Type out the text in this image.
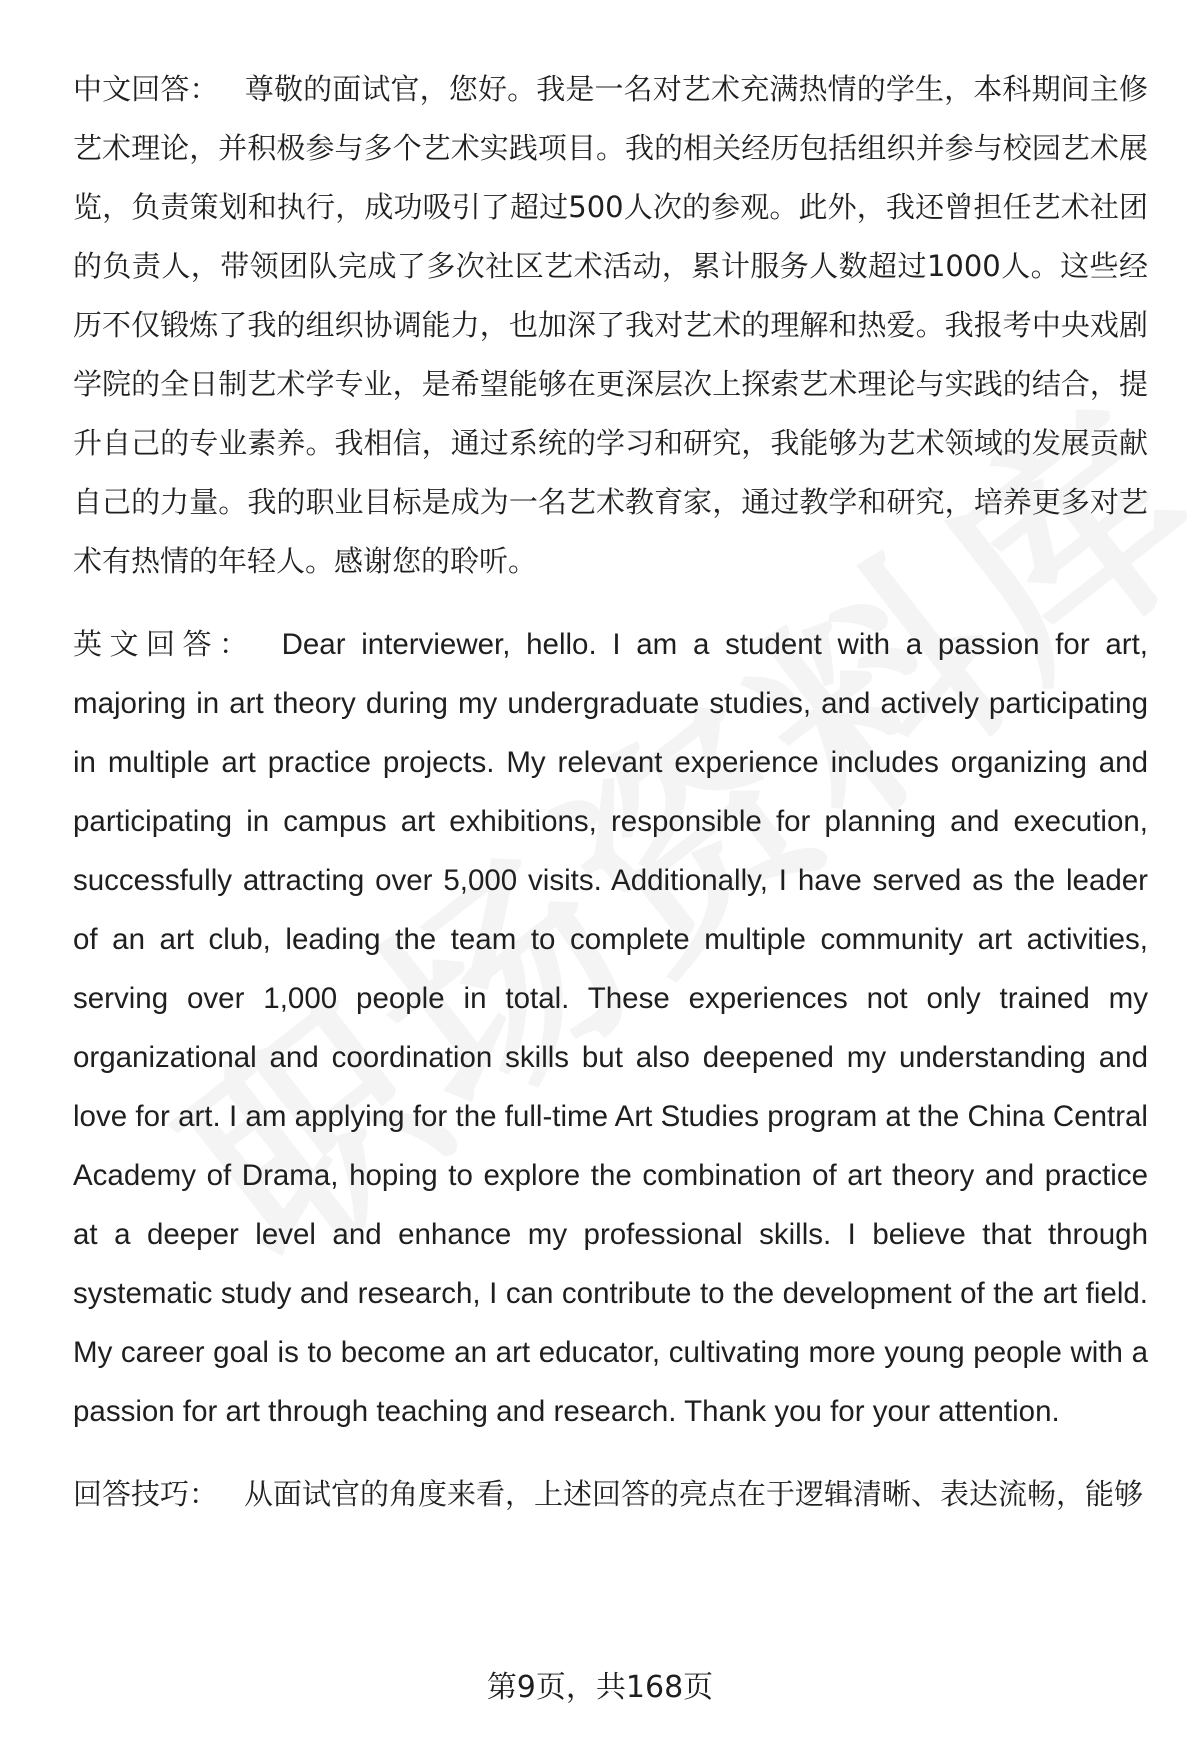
中文回答： 尊敬的面试官，您好。我是一名对艺术充满热情的学生，本科期间主修艺术理论，并积极参与多个艺术实践项目。我的相关经历包括组织并参与校园艺术展览，负责策划和执行，成功吸引了超过500人次的参观。此外，我还曾担任艺术社团的负责人，带领团队完成了多次社区艺术活动，累计服务人数超过1000人。这些经历不仅锻炼了我的组织协调能力，也加深了我对艺术的理解和热爱。我报考中央戏剧学院的全日制艺术学专业，是希望能够在更深层次上探索艺术理论与实践的结合，提升自己的专业素养。我相信，通过系统的学习和研究，我能够为艺术领域的发展贡献自己的力量。我的职业目标是成为一名艺术教育家，通过教学和研究，培养更多对艺术有热情的年轻人。感谢您的聆听。

英文回答： Dear interviewer, hello. I am a student with a passion for art, majoring in art theory during my undergraduate studies, and actively participating in multiple art practice projects. My relevant experience includes organizing and participating in campus art exhibitions, responsible for planning and execution, successfully attracting over 5,000 visits. Additionally, I have served as the leader of an art club, leading the team to complete multiple community art activities, serving over 1,000 people in total. These experiences not only trained my organizational and coordination skills but also deepened my understanding and love for art. I am applying for the full-time Art Studies program at the China Central Academy of Drama, hoping to explore the combination of art theory and practice at a deeper level and enhance my professional skills. I believe that through systematic study and research, I can contribute to the development of the art field. My career goal is to become an art educator, cultivating more young people with a passion for art through teaching and research. Thank you for your attention.

回答技巧： 从面试官的角度来看，上述回答的亮点在于逻辑清晰、表达流畅，能够

第9页，共168页
